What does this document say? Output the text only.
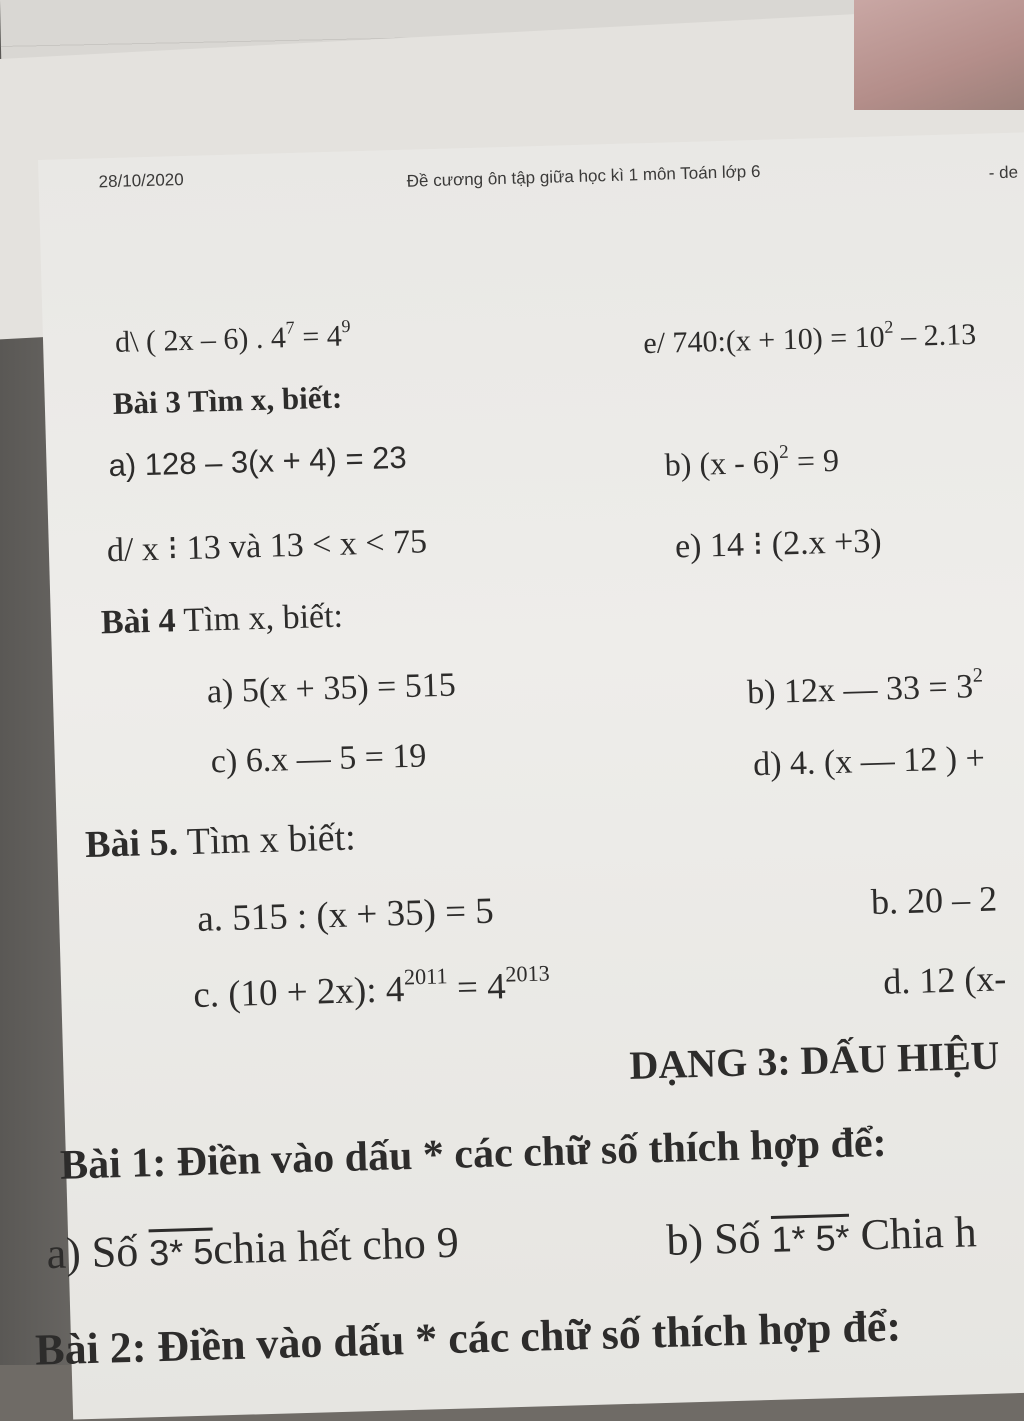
28/10/2020	Đề cương ôn tập giữa học kì 1 môn Toán lớp 6	- de
d\ ( 2x – 6) . $4^7 = 4^9$	e/ 740:(x + $10) = 10^2 - 2.13$
Bài 3 Tìm x, biết:
a) 128 – 3(x + 4) = 23	b) (x - 6)$^2$ = 9
d/ x ⁝ 13 và 13 < x < 75	e) 14 ⁝ (2.x +3)
Bài 4 Tìm x, biết:
a) 5(x + 35) = 515	b) 12x — $33 = 3^2$
c) 6.x — 5 = 19	d) 4. (x — 12 ) +
Bài 5. Tìm x biết:
a. 515 : (x + 35) = 5	b. 20 – 2
c. (10 + 2x): $4^{2011} = 4^{2013}$	d. 12 (x-
DẠNG 3: DẤU HIỆU
Bài 1: Điền vào dấu * các chữ số thích hợp để:
a) Số 3* 5chia hết cho 9	b) Số 1* 5* Chia h
Bài 2: Điền vào dấu * các chữ số thích hợp để:
